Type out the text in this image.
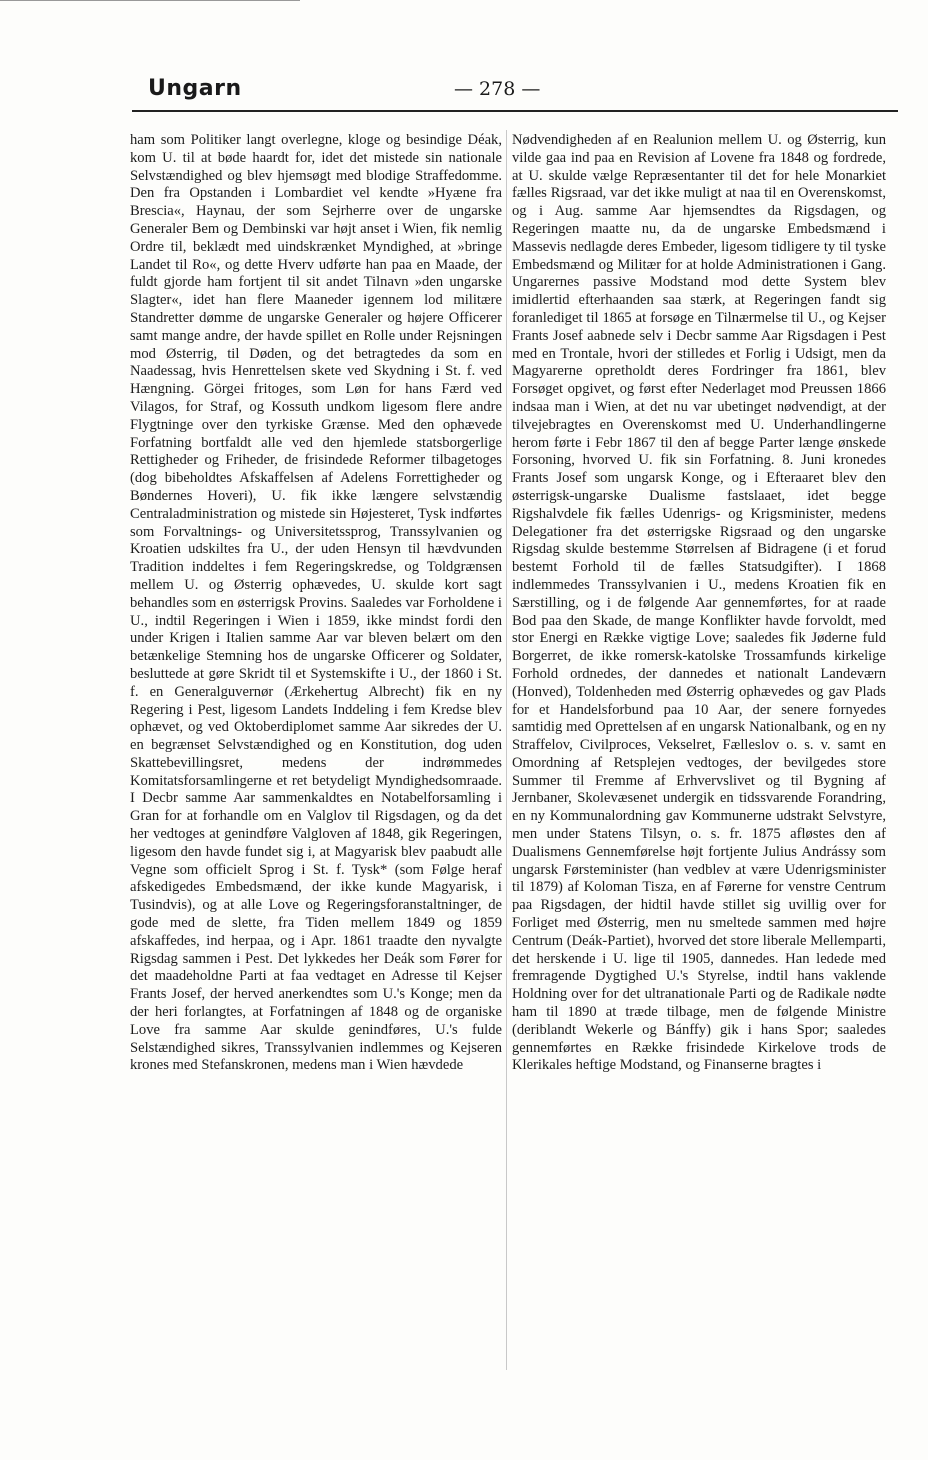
Ungarn	— 278 —

ham som Politiker langt overlegne, kloge og besindige Déak, kom U. til at bøde haardt for, idet det mistede sin nationale Selvstændighed og blev hjemsøgt med blodige Straffedomme. Den fra Opstanden i Lombardiet vel kendte »Hyæne fra Brescia«, Haynau, der som Sejrherre over de ungarske Generaler Bem og Dembinski var højt anset i Wien, fik nemlig Ordre til, beklædt med uindskrænket Myndighed, at »bringe Landet til Ro«, og dette Hverv udførte han paa en Maade, der fuldt gjorde ham fortjent til sit andet Tilnavn »den ungarske Slagter«, idet han flere Maaneder igennem lod militære Standretter dømme de ungarske Generaler og højere Officerer samt mange andre, der havde spillet en Rolle under Rejsningen mod Østerrig, til Døden, og det betragtedes da som en Naadessag, hvis Henrettelsen skete ved Skydning i St. f. ved Hængning. Görgei fritoges, som Løn for hans Færd ved Vilagos, for Straf, og Kossuth undkom ligesom flere andre Flygtninge over den tyrkiske Grænse. Med den ophævede Forfatning bortfaldt alle ved den hjemlede statsborgerlige Rettigheder og Friheder, de frisindede Reformer tilbagetoges (dog bibeholdtes Afskaffelsen af Adelens Forrettigheder og Bøndernes Hoveri), U. fik ikke længere selvstændig Centraladministration og mistede sin Højesteret, Tysk indførtes som Forvaltnings- og Universitetssprog, Transsylvanien og Kroatien udskiltes fra U., der uden Hensyn til hævdvunden Tradition inddeltes i fem Regeringskredse, og Toldgrænsen mellem U. og Østerrig ophævedes, U. skulde kort sagt behandles som en østerrigsk Provins. Saaledes var Forholdene i U., indtil Regeringen i Wien i 1859, ikke mindst fordi den under Krigen i Italien samme Aar var bleven belært om den betænkelige Stemning hos de ungarske Officerer og Soldater, besluttede at gøre Skridt til et Systemskifte i U., der 1860 i St. f. en Generalguvernør (Ærkehertug Albrecht) fik en ny Regering i Pest, ligesom Landets Inddeling i fem Kredse blev ophævet, og ved Oktoberdiplomet samme Aar sikredes der U. en begrænset Selvstændighed og en Konstitution, dog uden Skattebevillingsret, medens der indrømmedes Komitatsforsamlingerne et ret betydeligt Myndighedsomraade. I Decbr samme Aar sammenkaldtes en Notabelforsamling i Gran for at forhandle om en Valglov til Rigsdagen, og da det her vedtoges at genindføre Valgloven af 1848, gik Regeringen, ligesom den havde fundet sig i, at Magyarisk blev paabudt alle Vegne som officielt Sprog i St. f. Tysk* (som Følge heraf afskedigedes Embedsmænd, der ikke kunde Magyarisk, i Tusindvis), og at alle Love og Regeringsforanstaltninger, de gode med de slette, fra Tiden mellem 1849 og 1859 afskaffedes, ind herpaa, og i Apr. 1861 traadte den nyvalgte Rigsdag sammen i Pest. Det lykkedes her Deák som Fører for det maadeholdne Parti at faa vedtaget en Adresse til Kejser Frants Josef, der herved anerkendtes som U.'s Konge; men da der heri forlangtes, at Forfatningen af 1848 og de organiske Love fra samme Aar skulde genindføres, U.'s fulde Selstændighed sikres, Transsylvanien indlemmes og Kejseren krones med Stefanskronen, medens man i Wien hævdede

Nødvendigheden af en Realunion mellem U. og Østerrig, kun vilde gaa ind paa en Revision af Lovene fra 1848 og fordrede, at U. skulde vælge Repræsentanter til det for hele Monarkiet fælles Rigsraad, var det ikke muligt at naa til en Overenskomst, og i Aug. samme Aar hjemsendtes da Rigsdagen, og Regeringen maatte nu, da de ungarske Embedsmænd i Massevis nedlagde deres Embeder, ligesom tidligere ty til tyske Embedsmænd og Militær for at holde Administrationen i Gang. Ungarernes passive Modstand mod dette System blev imidlertid efterhaanden saa stærk, at Regeringen fandt sig foranlediget til 1865 at forsøge en Tilnærmelse til U., og Kejser Frants Josef aabnede selv i Decbr samme Aar Rigsdagen i Pest med en Trontale, hvori der stilledes et Forlig i Udsigt, men da Magyarerne opretholdt deres Fordringer fra 1861, blev Forsøget opgivet, og først efter Nederlaget mod Preussen 1866 indsaa man i Wien, at det nu var ubetinget nødvendigt, at der tilvejebragtes en Overenskomst med U. Underhandlingerne herom førte i Febr 1867 til den af begge Parter længe ønskede Forsoning, hvorved U. fik sin Forfatning. 8. Juni kronedes Frants Josef som ungarsk Konge, og i Efteraaret blev den østerrigsk-ungarske Dualisme fastslaaet, idet begge Rigshalvdele fik fælles Udenrigs- og Krigsminister, medens Delegationer fra det østerrigske Rigsraad og den ungarske Rigsdag skulde bestemme Størrelsen af Bidragene (i et forud bestemt Forhold til de fælles Statsudgifter). I 1868 indlemmedes Transsylvanien i U., medens Kroatien fik en Særstilling, og i de følgende Aar gennemførtes, for at raade Bod paa den Skade, de mange Konflikter havde forvoldt, med stor Energi en Række vigtige Love; saaledes fik Jøderne fuld Borgerret, de ikke romersk-katolske Trossamfunds kirkelige Forhold ordnedes, der dannedes et nationalt Landeværn (Honved), Toldenheden med Østerrig ophævedes og gav Plads for et Handelsforbund paa 10 Aar, der senere fornyedes samtidig med Oprettelsen af en ungarsk Nationalbank, og en ny Straffelov, Civilproces, Vekselret, Fælleslov o. s. v. samt en Omordning af Retsplejen vedtoges, der bevilgedes store Summer til Fremme af Erhvervslivet og til Bygning af Jernbaner, Skolevæsenet undergik en tidssvarende Forandring, en ny Kommunalordning gav Kommunerne udstrakt Selvstyre, men under Statens Tilsyn, o. s. fr. 1875 afløstes den af Dualismens Gennemførelse højt fortjente Julius Andrássy som ungarsk Førsteminister (han vedblev at være Udenrigsminister til 1879) af Koloman Tisza, en af Førerne for venstre Centrum paa Rigsdagen, der hidtil havde stillet sig uvillig over for Forliget med Østerrig, men nu smeltede sammen med højre Centrum (Deák-Partiet), hvorved det store liberale Mellemparti, det herskende i U. lige til 1905, dannedes. Han ledede med fremragende Dygtighed U.'s Styrelse, indtil hans vaklende Holdning over for det ultranationale Parti og de Radikale nødte ham til 1890 at træde tilbage, men de følgende Ministre (deriblandt Wekerle og Bánffy) gik i hans Spor; saaledes gennemførtes en Række frisindede Kirkelove trods de Klerikales heftige Modstand, og Finanserne bragtes i
